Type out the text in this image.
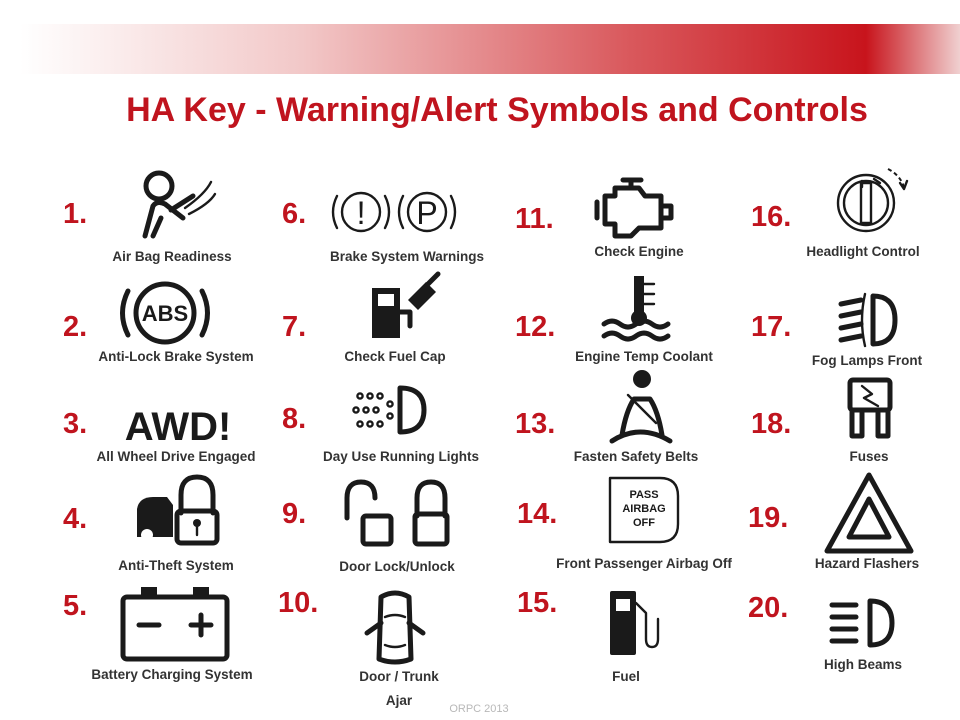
HA Key - Warning/Alert Symbols and Controls
1.
Air Bag Readiness
2. ABS
Anti-Lock Brake System
3. AWD!
All Wheel Drive Engaged
4.
Anti-Theft System
5.
Battery Charging System
6. ! P
Brake System Warnings
7.
Check Fuel Cap
8.
Day Use Running Lights
9.
Door Lock/Unlock
10.
Door / Trunk
Ajar
11.
Check Engine
12.
Engine Temp Coolant
13.
Fasten Safety Belts
14.
PASS
AIRBAG
OFF
Front Passenger Airbag Off
15.
Fuel
16.
Headlight Control
17.
Fog Lamps Front
18.
Fuses
19.
Hazard Flashers
20.
High Beams
ORPC 2013
